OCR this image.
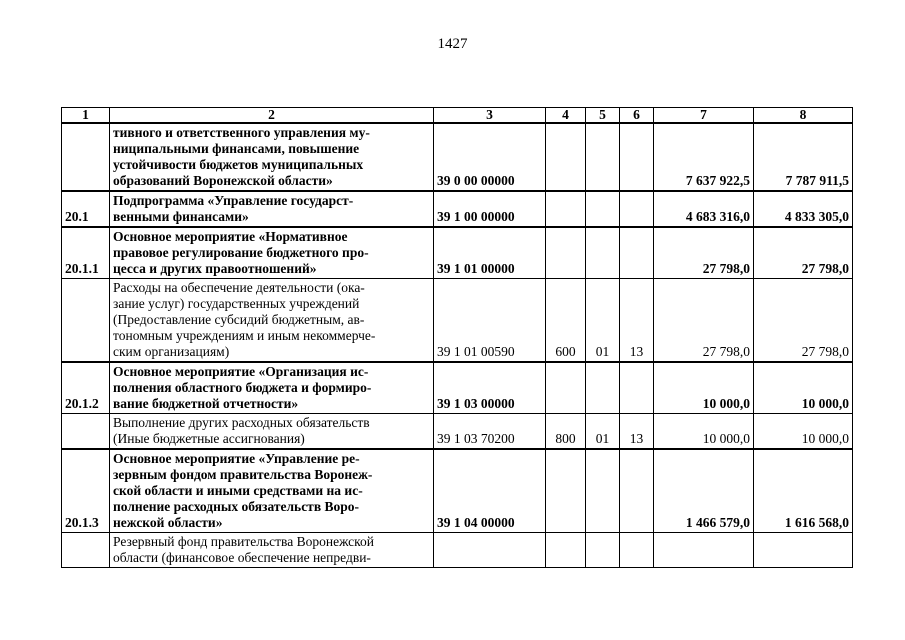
1427
1	2	3	4	5	6	7	8

	тивного и ответственного управления му-
ниципальными финансами, повышение
устойчивости бюджетов муниципальных
образований Воронежской области»	39 0 00 00000				7 637 922,5	7 787 911,5
20.1	Подпрограмма «Управление государст-
венными финансами»	39 1 00 00000				4 683 316,0	4 833 305,0
20.1.1	Основное мероприятие «Нормативное
правовое регулирование бюджетного про-
цесса и других правоотношений»	39 1 01 00000				27 798,0	27 798,0

	Расходы на обеспечение деятельности (ока-
зание услуг) государственных учреждений
(Предоставление субсидий бюджетным, ав-
тономным учреждениям и иным некоммерче-
ским организациям)	39 1 01 00590	600	01	13	27 798,0	27 798,0
20.1.2	Основное мероприятие «Организация ис-
полнения областного бюджета и формиро-
вание бюджетной отчетности»	39 1 03 00000				10 000,0	10 000,0

	Выполнение других расходных обязательств
(Иные бюджетные ассигнования)	39 1 03 70200	800	01	13	10 000,0	10 000,0
20.1.3	Основное мероприятие «Управление ре-
зервным фондом правительства Воронеж-
ской области и иными средствами на ис-
полнение расходных обязательств Воро-
нежской области»	39 1 04 00000				1 466 579,0	1 616 568,0

	Резервный фонд правительства Воронежской
области (финансовое обеспечение непредви-						
